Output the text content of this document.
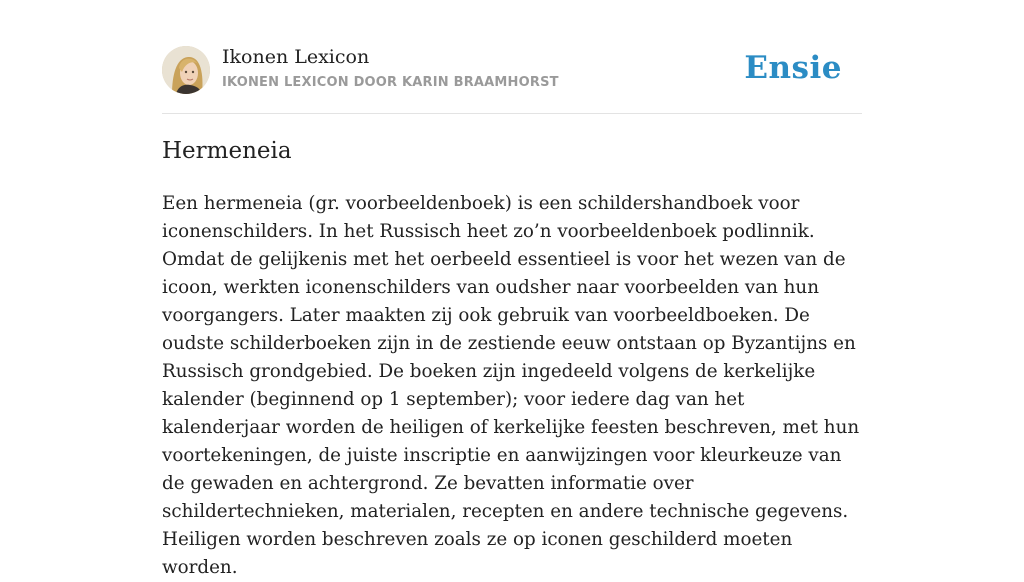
Ikonen Lexicon
IKONEN LEXICON DOOR KARIN BRAAMHORST	Ensie
Hermeneia

Een hermeneia (gr. voorbeeldenboek) is een schildershandboek voor iconenschilders. In het Russisch heet zo’n voorbeeldenboek podlinnik. Omdat de gelijkenis met het oerbeeld essentieel is voor het wezen van de icoon, werkten iconenschilders van oudsher naar voorbeelden van hun voorgangers. Later maakten zij ook gebruik van voorbeeldboeken. De oudste schilderboeken zijn in de zestiende eeuw ontstaan op Byzantijns en Russisch grondgebied. De boeken zijn ingedeeld volgens de kerkelijke kalender (beginnend op 1 september); voor iedere dag van het kalenderjaar worden de heiligen of kerkelijke feesten beschreven, met hun voortekeningen, de juiste inscriptie en aanwijzingen voor kleurkeuze van de gewaden en achtergrond. Ze bevatten informatie over schildertechnieken, materialen, recepten en andere technische gegevens. Heiligen worden beschreven zoals ze op iconen geschilderd moeten worden.
